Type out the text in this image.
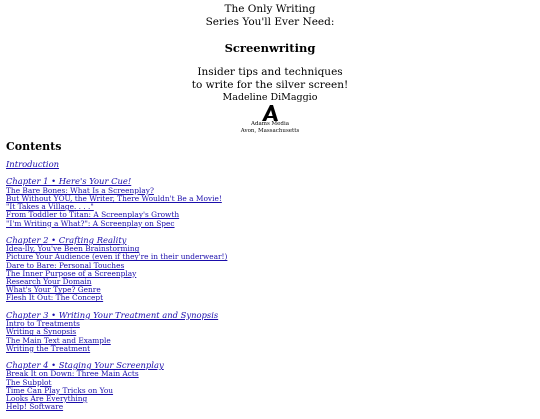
The Only Writing
Series You'll Ever Need:
Screenwriting
Insider tips and techniques
to write for the silver screen!
Madeline DiMaggio
Adams Media
Avon, Massachusetts
Contents
Introduction
Chapter 1 • Here's Your Cue!
The Bare Bones: What Is a Screenplay?
But Without YOU, the Writer, There Wouldn't Be a Movie!
"It Takes a Village. . . ."
From Toddler to Titan: A Screenplay's Growth
"I'm Writing a What?": A Screenplay on Spec
Chapter 2 • Crafting Reality
Idea-lly, You've Been Brainstorming
Picture Your Audience (even if they're in their underwear!)
Dare to Bare: Personal Touches
The Inner Purpose of a Screenplay
Research Your Domain
What's Your Type? Genre
Flesh It Out: The Concept
Chapter 3 • Writing Your Treatment and Synopsis
Intro to Treatments
Writing a Synopsis
The Main Text and Example
Writing the Treatment
Chapter 4 • Staging Your Screenplay
Break It on Down: Three Main Acts
The Subplot
Time Can Play Tricks on You
Looks Are Everything
Help! Software
